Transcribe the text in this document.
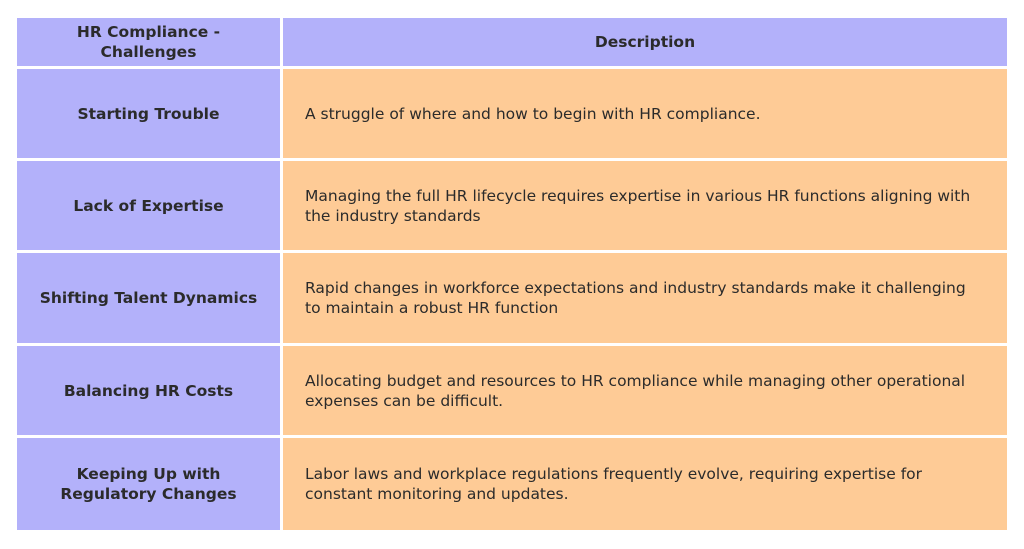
HR Compliance - Challenges
Description
Starting Trouble	A struggle of where and how to begin with HR compliance.
Lack of Expertise
Managing the full HR lifecycle requires expertise in various HR functions aligning with the industry standards
Shifting Talent Dynamics
Rapid changes in workforce expectations and industry standards make it challenging to maintain a robust HR function
Balancing HR Costs
Allocating budget and resources to HR compliance while managing other operational expenses can be difficult.
Keeping Up with Regulatory Changes
Labor laws and workplace regulations frequently evolve, requiring expertise for constant monitoring and updates.
